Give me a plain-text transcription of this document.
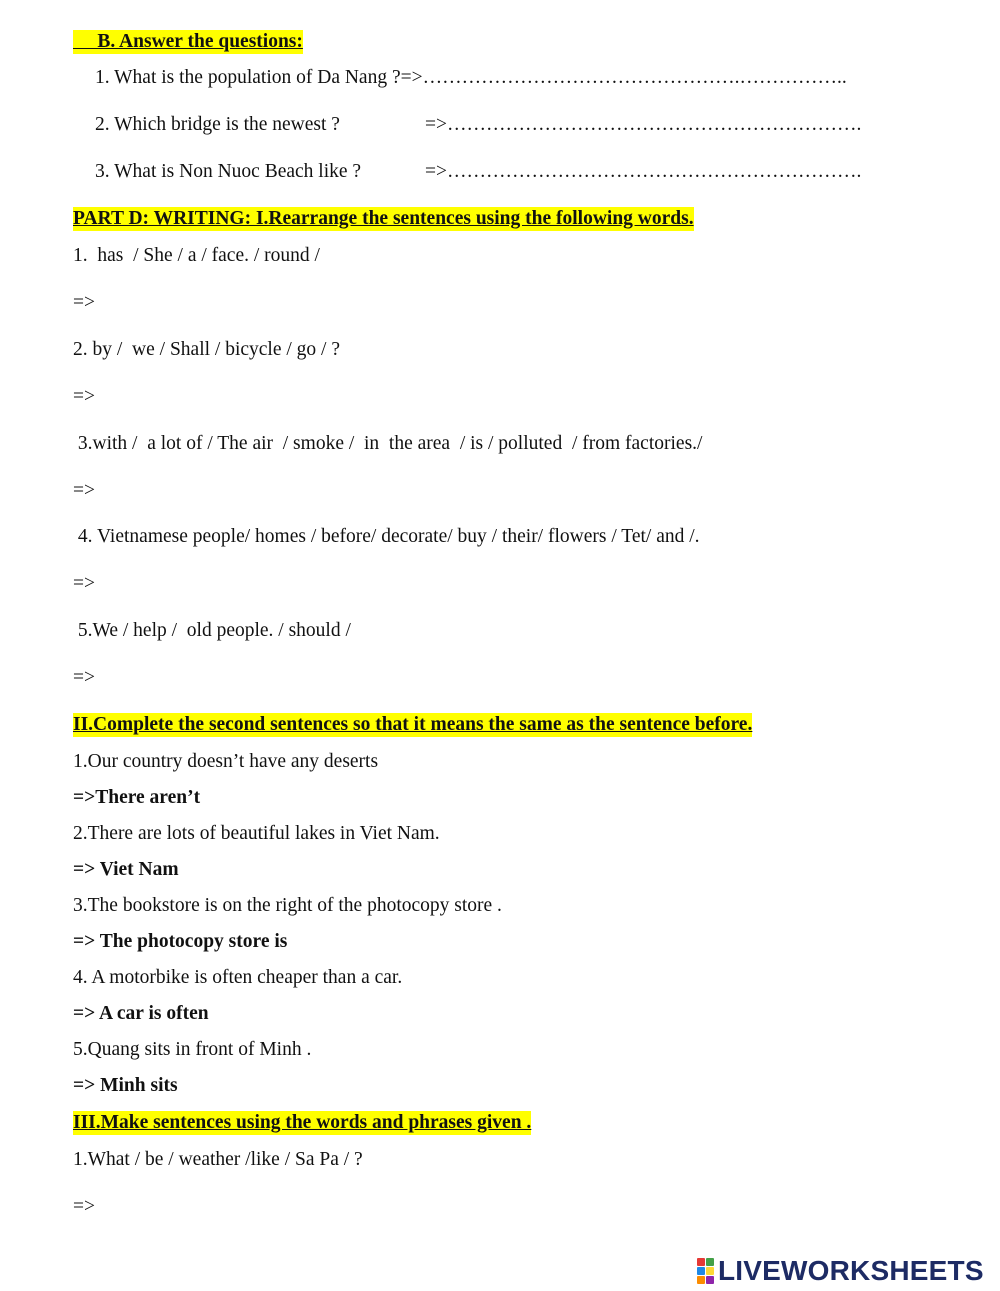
B. Answer the questions:
1. What is the population of Da Nang ?=>………………………………………….……………..
2. Which bridge is the newest ?	=>……………………………………………………….
3. What is Non Nuoc Beach like ?	=>……………………………………………………….
PART D: WRITING: I.Rearrange the sentences using the following words.
1.  has  / She / a / face. / round /
=>
2. by /  we / Shall / bicycle / go / ?
=>
3.with /  a lot of / The air  / smoke /  in  the area  / is / polluted  / from factories./
=>
4. Vietnamese people/ homes / before/ decorate/ buy / their/ flowers / Tet/ and /.
=>
5.We / help /  old people. / should /
=>
II.Complete the second sentences so that it means the same as the sentence before.
1.Our country doesn’t have any deserts
=>There aren’t
2.There are lots of beautiful lakes in Viet Nam.
=> Viet Nam
3.The bookstore is on the right of the photocopy store .
=> The photocopy store is
4. A motorbike is often cheaper than a car.
=> A car is often
5.Quang sits in front of Minh .
=> Minh sits
III.Make sentences using the words and phrases given .
1.What / be / weather /like / Sa Pa / ?
=>
LIVEWORKSHEETS
